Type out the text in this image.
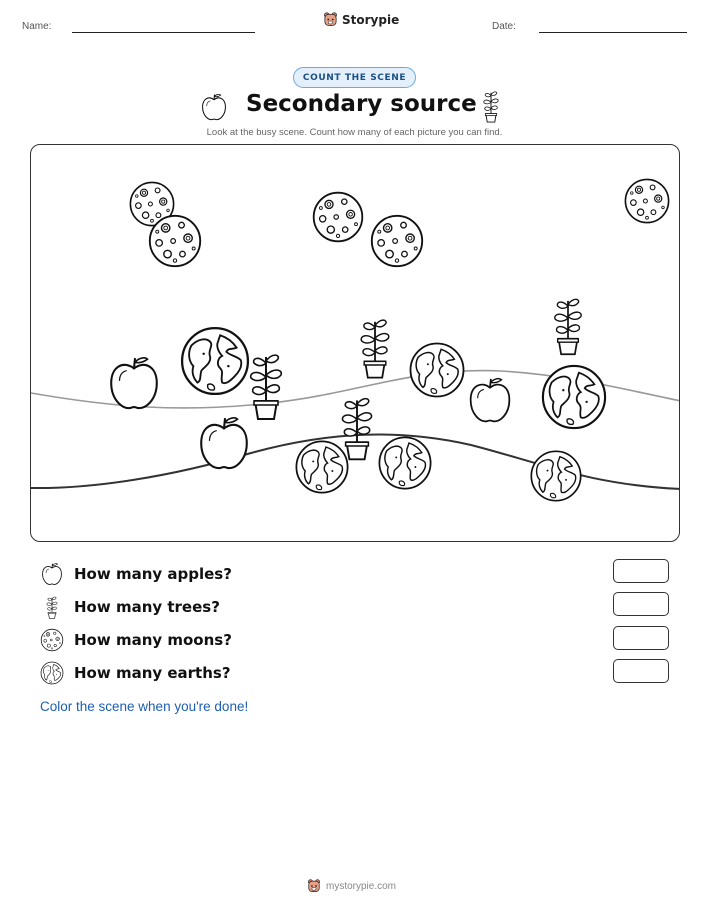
Name:	Storypie	Date:
COUNT THE SCENE
Secondary source
Look at the busy scene. Count how many of each picture you can find.
How many apples?
How many trees?
How many moons?
How many earths?
Color the scene when you're done!
mystorypie.com
